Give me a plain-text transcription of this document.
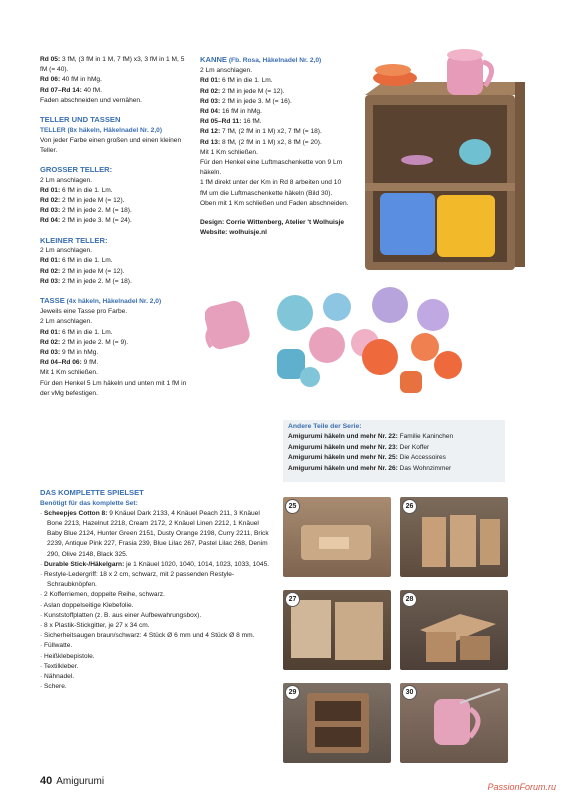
Rd 05: 3 fM, (3 fM in 1 M, 7 fM) x3, 3 fM in 1 M, 5 fM (= 40).

Rd 06: 40 fM in hMg.

Rd 07–Rd 14: 40 fM.

Faden abschneiden und vernähen.

TELLER UND TASSEN

TELLER (8x häkeln, Häkelnadel Nr. 2,0)

Von jeder Farbe einen großen und einen kleinen Teller.

GROSSER TELLER:

2 Lm anschlagen.

Rd 01: 6 fM in die 1. Lm.

Rd 02: 2 fM in jede M (= 12).

Rd 03: 2 fM in jede 2. M (= 18).

Rd 04: 2 fM in jede 3. M (= 24).

KLEINER TELLER:

2 Lm anschlagen.

Rd 01: 6 fM in die 1. Lm.

Rd 02: 2 fM in jede M (= 12).

Rd 03: 2 fM in jede 2. M (= 18).

TASSE (4x häkeln, Häkelnadel Nr. 2,0)

Jeweils eine Tasse pro Farbe.

2 Lm anschlagen.

Rd 01: 6 fM in die 1. Lm.

Rd 02: 2 fM in jede 2. M (= 9).

Rd 03: 9 fM in hMg.

Rd 04–Rd 06: 9 fM.

Mit 1 Km schließen.

Für den Henkel 5 Lm häkeln und unten mit 1 fM in der vMg befestigen.

KANNE (Fb. Rosa, Häkelnadel Nr. 2,0)

2 Lm anschlagen.

Rd 01: 6 fM in die 1. Lm.

Rd 02: 2 fM in jede M (= 12).

Rd 03: 2 fM in jede 3. M (= 16).

Rd 04: 16 fM in hMg.

Rd 05–Rd 11: 16 fM.

Rd 12: 7 fM, (2 fM in 1 M) x2, 7 fM (= 18).

Rd 13: 8 fM, (2 fM in 1 M) x2, 8 fM (= 20).

Mit 1 Km schließen.

Für den Henkel eine Luftmaschenkette von 9 Lm häkeln.

1 fM direkt unter der Km in Rd 8 arbeiten und 10 fM um die Luftmaschenkette häkeln (Bild 30). Oben mit 1 Km schließen und Faden abschneiden.

Design: Corrie Wittenberg, Atelier 't Wolhuisje

Website: wolhuisje.nl

Andere Teile der Serie:

Amigurumi häkeln und mehr Nr. 22: Familie Kaninchen

Amigurumi häkeln und mehr Nr. 23: Der Koffer

Amigurumi häkeln und mehr Nr. 25: Die Accessoires

Amigurumi häkeln und mehr Nr. 26: Das Wohnzimmer

DAS KOMPLETTE SPIELSET

Benötigt für das komplette Set:

· Scheepjes Cotton 8: 9 Knäuel Dark 2133, 4 Knäuel Peach 211, 3 Knäuel Bone 2213, Hazelnut 2218, Cream 2172, 2 Knäuel Linen 2212, 1 Knäuel Baby Blue 2124, Hunter Green 2151, Dusty Orange 2198, Curry 2211, Brick 2239, Antique Pink 227, Frasia 239, Blue Lilac 267, Pastel Lilac 268, Denim 290, Olive 2148, Black 325.

· Durable Stick-/Häkelgarn: je 1 Knäuel 1020, 1040, 1014, 1023, 1033, 1045.

· Restyle-Ledergriff: 18 x 2 cm, schwarz, mit 2 passenden Restyle-Schraubknöpfen.

· 2 Kofferriemen, doppelte Reihe, schwarz.

· Aslan doppelseitige Klebefolie.

· Kunststoffplatten (z. B. aus einer Aufbewahrungsbox).

· 8 x Plastik-Stickgitter, je 27 x 34 cm.

· Sicherheitsaugen braun/schwarz: 4 Stück Ø 6 mm und 4 Stück Ø 8 mm.

· Füllwatte.

· Heißklebepistole.

· Textilkleber.

· Nähnadel.

· Schere.

25	26
27	28
29	30
40 Amigurumi	PassionForum.ru
